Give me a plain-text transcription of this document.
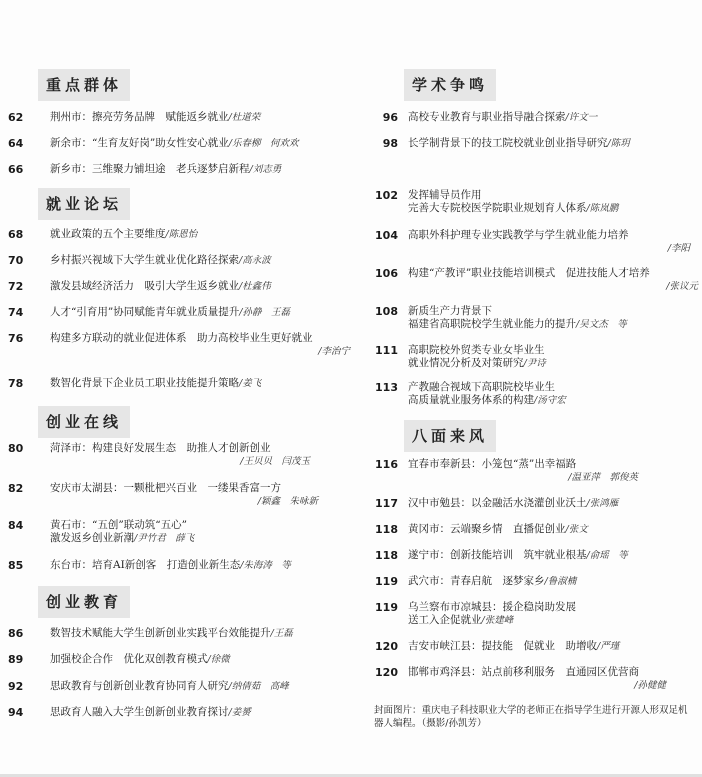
重点群体
62	荆州市：擦亮劳务品牌　赋能返乡就业/杜道荣
64	新余市：“生育友好岗”助女性安心就业/乐春柳　何欢欢
66	新乡市：三维聚力铺坦途　老兵逐梦启新程/刘志勇
就业论坛
68	就业政策的五个主要维度/陈恩怡
70	乡村振兴视域下大学生就业优化路径探索/高永波
72	激发县域经济活力　吸引大学生返乡就业/杜鑫伟
74	人才“引育用”协同赋能青年就业质量提升/孙静　王磊
76	构建多方联动的就业促进体系　助力高校毕业生更好就业
/李治宁
78	数智化背景下企业员工职业技能提升策略/姜飞
创业在线
80	菏泽市：构建良好发展生态　助推人才创新创业
/王贝贝　闫茂玉
82	安庆市太湖县：一颗枇杷兴百业　一缕果香富一方
/颖鑫　朱咏新
84	黄石市：“五创”联动筑“五心”
激发返乡创业新潮/尹竹君　薛飞
85	东台市：培育AI新创客　打造创业新生态/朱海涛　等
创业教育
86	数智技术赋能大学生创新创业实践平台效能提升/王磊
89	加强校企合作　优化双创教育模式/徐微
92	思政教育与创新创业教育协同育人研究/纳倩茹　高峰
94	思政育人融入大学生创新创业教育探讨/姜赟
学术争鸣
96 高校专业教育与职业指导融合探索/许文一
98 长学制背景下的技工院校就业创业指导研究/陈玥
102 发挥辅导员作用
完善大专院校医学院职业规划育人体系/陈岚鹏
104 高职外科护理专业实践教学与学生就业能力培养
/李阳
106 构建“产教评”职业技能培训模式　促进技能人才培养
/张议元
108 新质生产力背景下
福建省高职院校学生就业能力的提升/吴文杰　等
111 高职院校外贸类专业女毕业生
就业情况分析及对策研究/尹诗
113 产教融合视域下高职院校毕业生
高质量就业服务体系的构建/汤守宏
八面来风
116 宜春市奉新县：小笼包“蒸”出幸福路
/温亚萍　郭俊英
117 汉中市勉县：以金融活水浇灌创业沃土/张鸿雁
118 黄冈市：云端聚乡情　直播促创业/张文
118 遂宁市：创新技能培训　筑牢就业根基/俞瑶　等
119 武穴市：青春启航　逐梦家乡/鲁淑楠
119 乌兰察布市凉城县：援企稳岗助发展
送工入企促就业/张建峰
120 吉安市峡江县：提技能　促就业　助增收/严瑾
120 邯郸市鸡泽县：站点前移利服务　直通园区优营商
/孙健健
封面图片：重庆电子科技职业大学的老师正在指导学生进行开源人形双足机器人编程。（摄影/孙凯芳）
